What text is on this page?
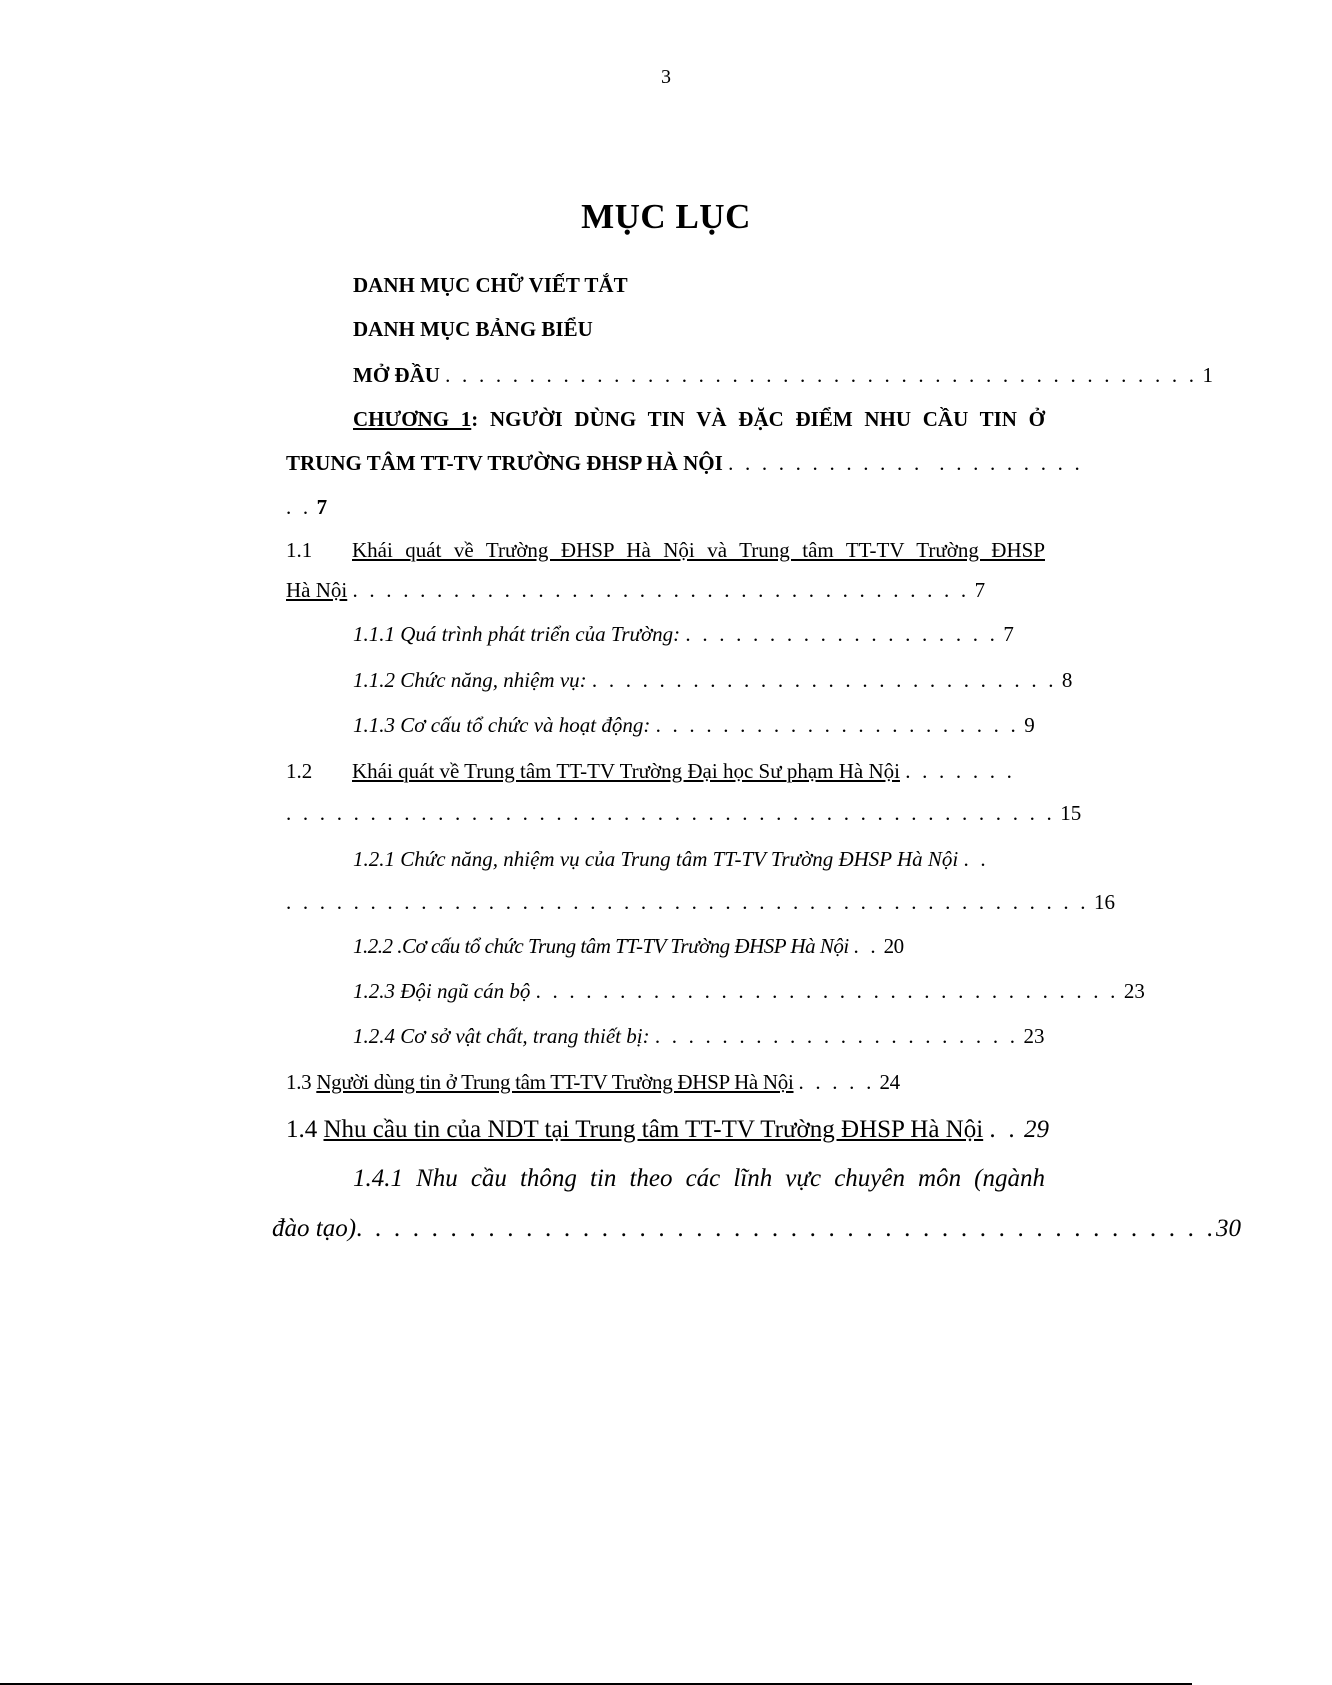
3
MỤC LỤC
DANH MỤC CHỮ VIẾT TẮT
DANH MỤC BẢNG BIỂU
MỞ ĐẦU . . . . . . . . . . . . . . . . . . . . . . . . . . . . . . . . . . . . . . . . . . . . . 1
CHƯƠNG 1: NGƯỜI DÙNG TIN VÀ ĐẶC ĐIỂM NHU CẦU TIN Ở
TRUNG TÂM TT-TV TRƯỜNG ĐHSP HÀ NỘI . . . . . . . . . . . .  . . . . . . . . .
. . 7
1.1 Khái quát về Trường ĐHSP Hà Nội và Trung tâm TT-TV Trường ĐHSP
Hà Nội . . . . . . . . . . . . . . . . . . . . . . . . . . . . . . . . . . . . . 7
1.1.1 Quá trình phát triển của Trường: . . . . . . . . . . . . . . . . . . . 7
1.1.2 Chức năng, nhiệm vụ: . . . . . . . . . . . . . . . . . . . . . . . . . . . . 8
1.1.3 Cơ cấu tổ chức và hoạt động: . . . . . . . . . . . . . . . . . . . . . . 9
1.2 Khái quát về Trung tâm TT-TV Trường Đại học Sư phạm Hà Nội . . . . . . .
. . . . . . . . . . . . . . . . . . . . . . . . . . . . . . . . . . . . . . . . . . . . . . 15
1.2.1 Chức năng, nhiệm vụ của Trung tâm TT-TV Trường ĐHSP Hà Nội . .
. . . . . . . . . . . . . . . . . . . . . . . . . . . . . . . . . . . . . . . . . . . . . . . . 16
1.2.2 .Cơ cấu tổ chức Trung tâm TT-TV Trường ĐHSP Hà Nội . . 20
1.2.3 Đội ngũ cán bộ . . . . . . . . . . . . . . . . . . . . . . . . . . . . . . . . . . . 23
1.2.4 Cơ sở vật chất, trang thiết bị: . . . . . . . . . . . . . . . . . . . . . . 23
1.3 Người dùng tin ở Trung tâm TT-TV Trường ĐHSP Hà Nội . . . . . 24
1.4 Nhu cầu tin của NDT tại Trung tâm TT-TV Trường ĐHSP Hà Nội . . 29
1.4.1 Nhu cầu thông tin theo các lĩnh vực chuyên môn (ngành
đào tạo). . . . . . . . . . . . . . . . . . . . . . . . . . . . . . . . . . . . . . . . . . . . . .30
